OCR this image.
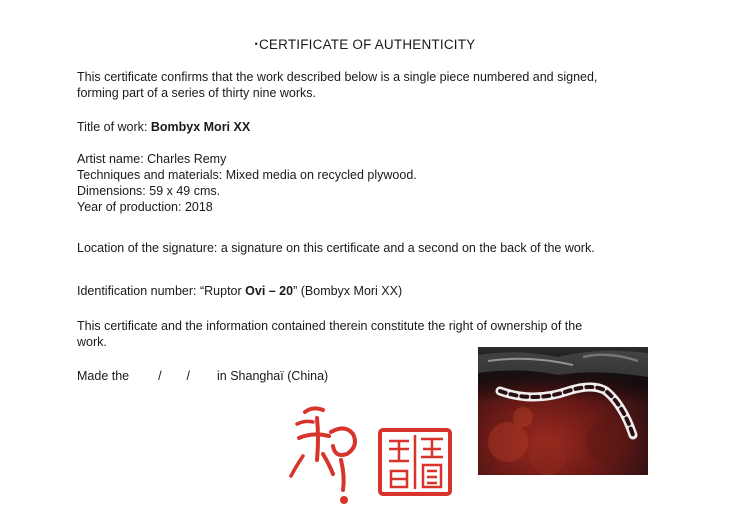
•CERTIFICATE OF AUTHENTICITY
This certificate confirms that the work described below is a single piece numbered and signed,
forming part of a series of thirty nine works.
Title of work: Bombyx Mori XX
Artist name: Charles Remy
Techniques and materials: Mixed media on recycled plywood.
Dimensions: 59 x 49 cms.
Year of production: 2018
Location of the signature: a signature on this certificate and a second on the back of the work.
Identification number: “Ruptor Ovi – 20” (Bombyx Mori XX)
This certificate and the information contained therein constitute the right of ownership of the
work.
Made the / / in Shanghaï (China)
